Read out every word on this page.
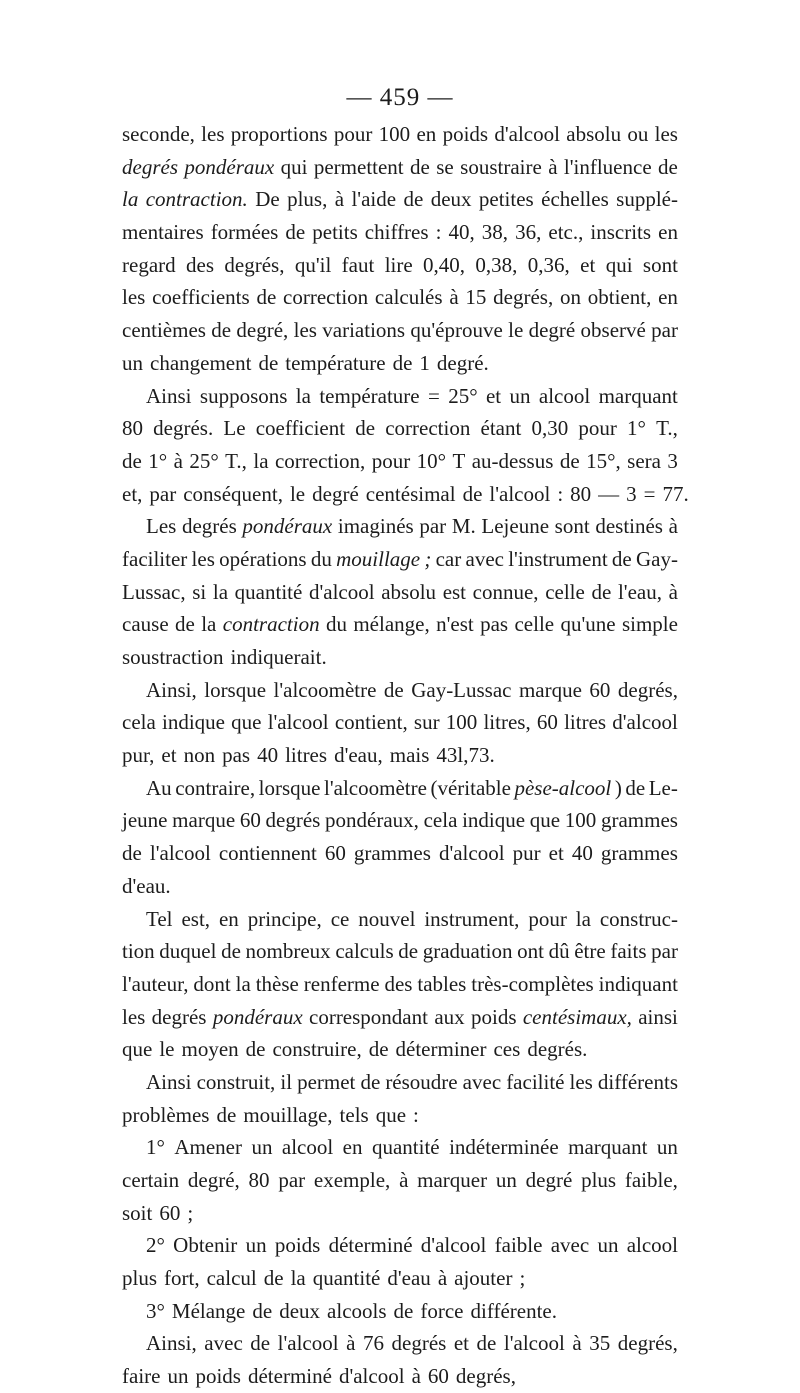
— 459 —
seconde, les proportions pour 100 en poids d'alcool absolu ou les
degrés pondéraux qui permettent de se soustraire à l'influence de
la contraction. De plus, à l'aide de deux petites échelles supplé-
mentaires formées de petits chiffres : 40, 38, 36, etc., inscrits en
regard des degrés, qu'il faut lire 0,40, 0,38, 0,36, et qui sont
les coefficients de correction calculés à 15 degrés, on obtient, en
centièmes de degré, les variations qu'éprouve le degré observé par
un changement de température de 1 degré.
Ainsi supposons la température = 25° et un alcool marquant
80 degrés. Le coefficient de correction étant 0,30 pour 1° T.,
de 1° à 25° T., la correction, pour 10° T au-dessus de 15°, sera 3
et, par conséquent, le degré centésimal de l'alcool : 80 — 3 = 77.
Les degrés pondéraux imaginés par M. Lejeune sont destinés à
faciliter les opérations du mouillage ; car avec l'instrument de Gay-
Lussac, si la quantité d'alcool absolu est connue, celle de l'eau, à
cause de la contraction du mélange, n'est pas celle qu'une simple
soustraction indiquerait.
Ainsi, lorsque l'alcoomètre de Gay-Lussac marque 60 degrés,
cela indique que l'alcool contient, sur 100 litres, 60 litres d'alcool
pur, et non pas 40 litres d'eau, mais 43l,73.
Au contraire, lorsque l'alcoomètre (véritable pèse-alcool ) de Le-
jeune marque 60 degrés pondéraux, cela indique que 100 grammes
de l'alcool contiennent 60 grammes d'alcool pur et 40 grammes
d'eau.
Tel est, en principe, ce nouvel instrument, pour la construc-
tion duquel de nombreux calculs de graduation ont dû être faits par
l'auteur, dont la thèse renferme des tables très-complètes indiquant
les degrés pondéraux correspondant aux poids centésimaux, ainsi
que le moyen de construire, de déterminer ces degrés.
Ainsi construit, il permet de résoudre avec facilité les différents
problèmes de mouillage, tels que :
1° Amener un alcool en quantité indéterminée marquant un
certain degré, 80 par exemple, à marquer un degré plus faible,
soit 60 ;
2° Obtenir un poids déterminé d'alcool faible avec un alcool
plus fort, calcul de la quantité d'eau à ajouter ;
3° Mélange de deux alcools de force différente.
Ainsi, avec de l'alcool à 76 degrés et de l'alcool à 35 degrés,
faire un poids déterminé d'alcool à 60 degrés,
